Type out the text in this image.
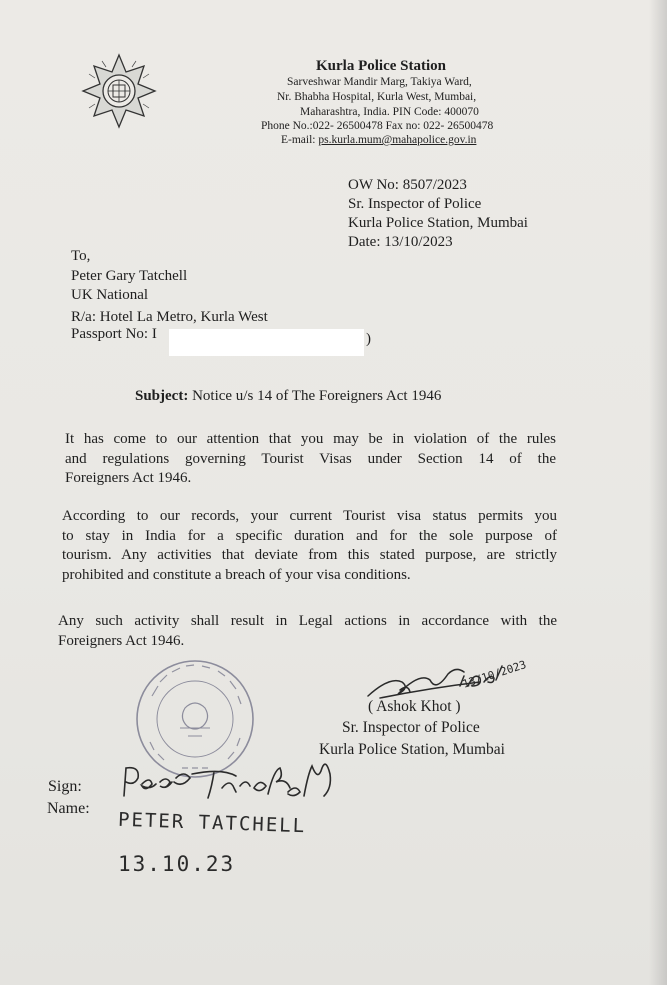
Kurla Police Station
Sarveshwar Mandir Marg, Takiya Ward,
Nr. Bhabha Hospital, Kurla West, Mumbai,
Maharashtra, India. PIN Code: 400070
Phone No.:022- 26500478 Fax no: 022- 26500478
E-mail: ps.kurla.mum@mahapolice.gov.in
OW No: 8507/2023
Sr. Inspector of Police
Kurla Police Station, Mumbai
Date: 13/10/2023
To,
Peter Gary Tatchell
UK National
R/a: Hotel La Metro, Kurla West
Passport No: I	)
Subject: Notice u/s 14 of The Foreigners Act 1946
It has come to our attention that you may be in violation of the rules
and regulations governing Tourist Visas under Section 14 of the
Foreigners Act 1946.
According to our records, your current Tourist visa status permits you
to stay in India for a specific duration and for the sole purpose of
tourism. Any activities that deviate from this stated purpose, are strictly
prohibited and constitute a breach of your visa conditions.
Any such activity shall result in Legal actions in accordance with the
Foreigners Act 1946.
13/10/2023
( Ashok Khot )
Sr. Inspector of Police
Kurla Police Station, Mumbai
Sign:
Name:
PETER TATCHELL
13.10.23
